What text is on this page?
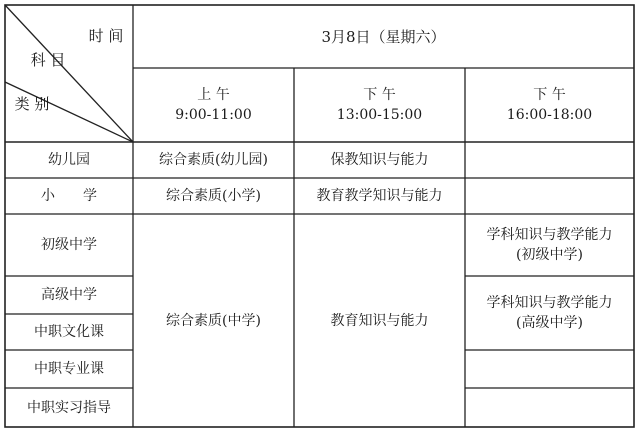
时 间
科 目
类 别
3月8日（星期六）
上 午
9:00-11:00
下 午
13:00-15:00
下 午
16:00-18:00
幼儿园
小　　学
初级中学
高级中学
中职文化课
中职专业课
中职实习指导
综合素质(幼儿园)
综合素质(小学)
综合素质(中学)
保教知识与能力
教育教学知识与能力
教育知识与能力
学科知识与教学能力
(初级中学)
学科知识与教学能力
(高级中学)
